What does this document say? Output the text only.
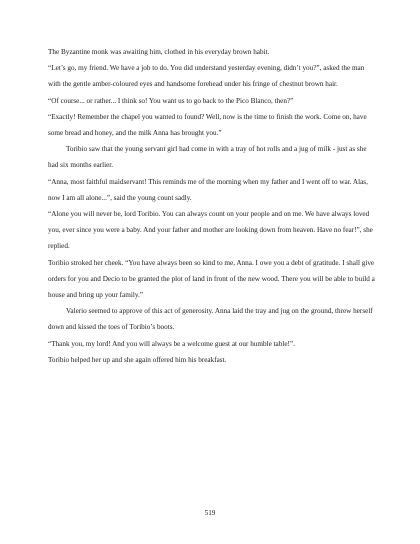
The Byzantine monk was awaiting him, clothed in his everyday brown habit.

“Let’s go, my friend. We have a job to do. You did understand yesterday evening, didn’t you?”, asked the man with the gentle amber-coloured eyes and handsome forehead under his fringe of chestnut brown hair.

“Of course... or rather... I think so! You want us to go back to the Pico Blanco, then?”

“Exactly! Remember the chapel you wanted to found? Well, now is the time to finish the work. Come on, have some bread and honey, and the milk Anna has brought you.”

Toribio saw that the young servant girl had come in with a tray of hot rolls and a jug of milk - just as she had six months earlier.

“Anna, most faithful maidservant! This reminds me of the morning when my father and I went off to war. Alas, now I am all alone...”, said the young count sadly.

“Alone you will never be, lord Toribio. You can always count on your people and on me. We have always loved you, ever since you were a baby. And your father and mother are looking down from heaven. Have no fear!”, she replied.

Toribio stroked her cheek. “You have always been so kind to me, Anna. I owe you a debt of gratitude. I shall give orders for you and Decio to be granted the plot of land in front of the new wood. There you will be able to build a house and bring up your family.”

Valerio seemed to approve of this act of generosity. Anna laid the tray and jug on the ground, threw herself down and kissed the toes of Toribio’s boots.

“Thank you, my lord! And you will always be a welcome guest at our humble table!”.

Toribio helped her up and she again offered him his breakfast.

519
